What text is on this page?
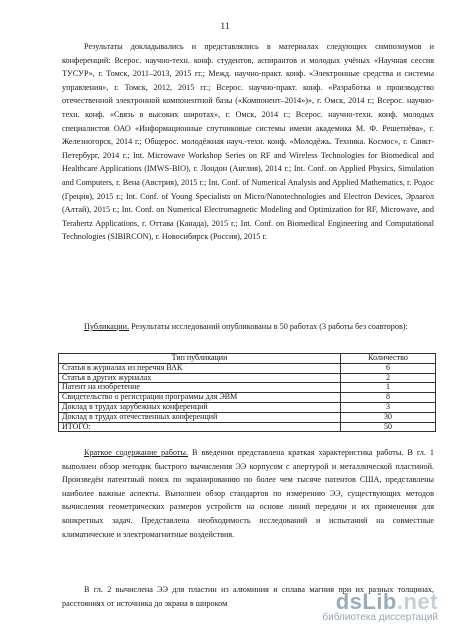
11
Результаты докладывались и представлялись в материалах следующих симпозиумов и конференций: Всерос. научно-техн. конф. студентов, аспирантов и молодых учёных «Научная сессия ТУСУР», г. Томск, 2011–2013, 2015 гг.; Межд. научно-практ. конф. «Электронные средства и системы управления», г. Томск, 2012, 2015 гг.; Всерос. научно-практ. конф. «Разработка и производство отечественной электронной компонентной базы («Компонент–2014»)», г. Омск, 2014 г.; Всерос. научно-техн. конф. «Связь в высоких широтах», г. Омск, 2014 г.; Всерос. научно-техн. конф. молодых специалистов ОАО «Информационные спутниковые системы имени академика М. Ф. Решетнёва», г. Железногорск, 2014 г.; Общерос. молодёжная науч.-техн. конф. «Молодёжь. Техника. Космос», г. Санкт-Петербург, 2014 г.; Int. Microwave Workshop Series on RF and Wireless Technologies for Biomedical and Healthcare Applications (IMWS-BIO), г. Лондон (Англия), 2014 г.; Int. Conf. on Applied Physics, Simulation and Computers, г. Вена (Австрия), 2015 г.; Int. Conf. of Numerical Analysis and Applied Mathematics, г. Родос (Греция), 2015 г.; Int. Conf. of Young Specialists on Micro/Nanotechnologies and Electron Devices, Эрлагол (Алтай), 2015 г.; Int. Conf. on Numerical Electromagnetic Modeling and Optimization for RF, Microwave, and Terahertz Applications, г. Оттава (Канада), 2015 г.; Int. Conf. on Biomedical Engineering and Computational Technologies (SIBIRCON), г. Новосибирск (Россия), 2015 г.
Публикации. Результаты исследований опубликованы в 50 работах (3 работы без соавторов):
Тип публикации	Количество
Статья в журналах из перечня ВАК	6
Статья в других журналах	2
Патент на изобретение	1
Свидетельство о регистрации программы для ЭВМ	8
Доклад в трудах зарубежных конференций	3
Доклад в трудах отечественных конференций	30
ИТОГО:	50
Краткое содержание работы. В введении представлена краткая характеристика работы. В гл. 1 выполнен обзор методик быстрого вычисления ЭЭ корпусом с апертурой и металлической пластиной. Произведён патентный поиск по экранированию по более чем тысяче патентов США, представлены наиболее важные аспекты. Выполнен обзор стандартов по измерению ЭЭ, существующих методов вычисления геометрических размеров устройств на основе линий передачи и их применения для конкретных задач. Представлена необходимость исследований и испытаний на совместные климатические и электромагнитные воздействия.
В гл. 2 вычислена ЭЭ для пластин из алюминия и сплава магния при их разных толщинах, расстояниях от источника до экрана в широком	dsLib.net
библиотека диссертаций
